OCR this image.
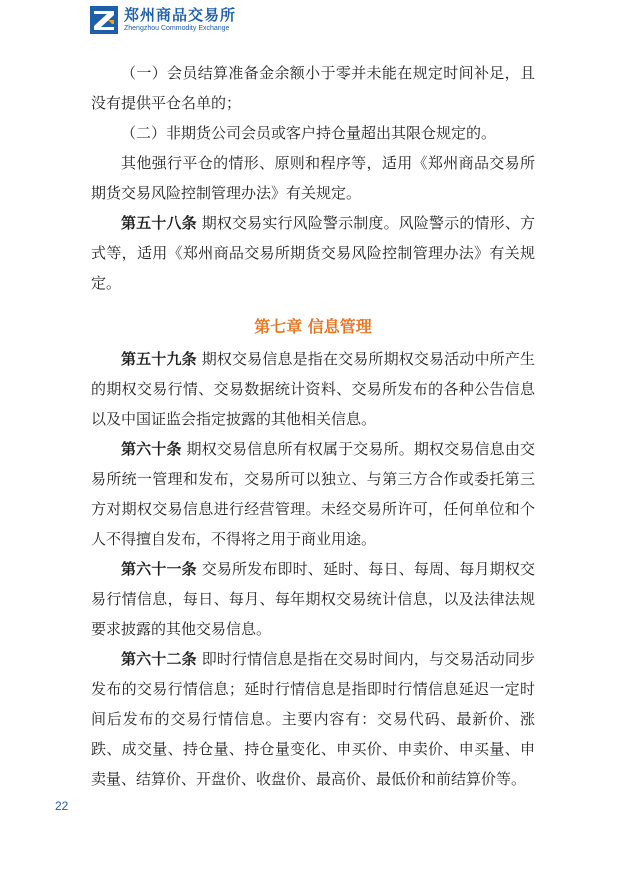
郑州商品交易所
Zhengzhou Commodity Exchange

（一）会员结算准备金余额小于零并未能在规定时间补足，且没有提供平仓名单的；

（二）非期货公司会员或客户持仓量超出其限仓规定的。

其他强行平仓的情形、原则和程序等，适用《郑州商品交易所期货交易风险控制管理办法》有关规定。

第五十八条 期权交易实行风险警示制度。风险警示的情形、方式等，适用《郑州商品交易所期货交易风险控制管理办法》有关规定。

第七章 信息管理

第五十九条 期权交易信息是指在交易所期权交易活动中所产生的期权交易行情、交易数据统计资料、交易所发布的各种公告信息以及中国证监会指定披露的其他相关信息。

第六十条 期权交易信息所有权属于交易所。期权交易信息由交易所统一管理和发布，交易所可以独立、与第三方合作或委托第三方对期权交易信息进行经营管理。未经交易所许可，任何单位和个人不得擅自发布，不得将之用于商业用途。

第六十一条 交易所发布即时、延时、每日、每周、每月期权交易行情信息，每日、每月、每年期权交易统计信息，以及法律法规要求披露的其他交易信息。

第六十二条 即时行情信息是指在交易时间内，与交易活动同步发布的交易行情信息；延时行情信息是指即时行情信息延迟一定时间后发布的交易行情信息。主要内容有：交易代码、最新价、涨跌、成交量、持仓量、持仓量变化、申买价、申卖价、申买量、申卖量、结算价、开盘价、收盘价、最高价、最低价和前结算价等。

22
